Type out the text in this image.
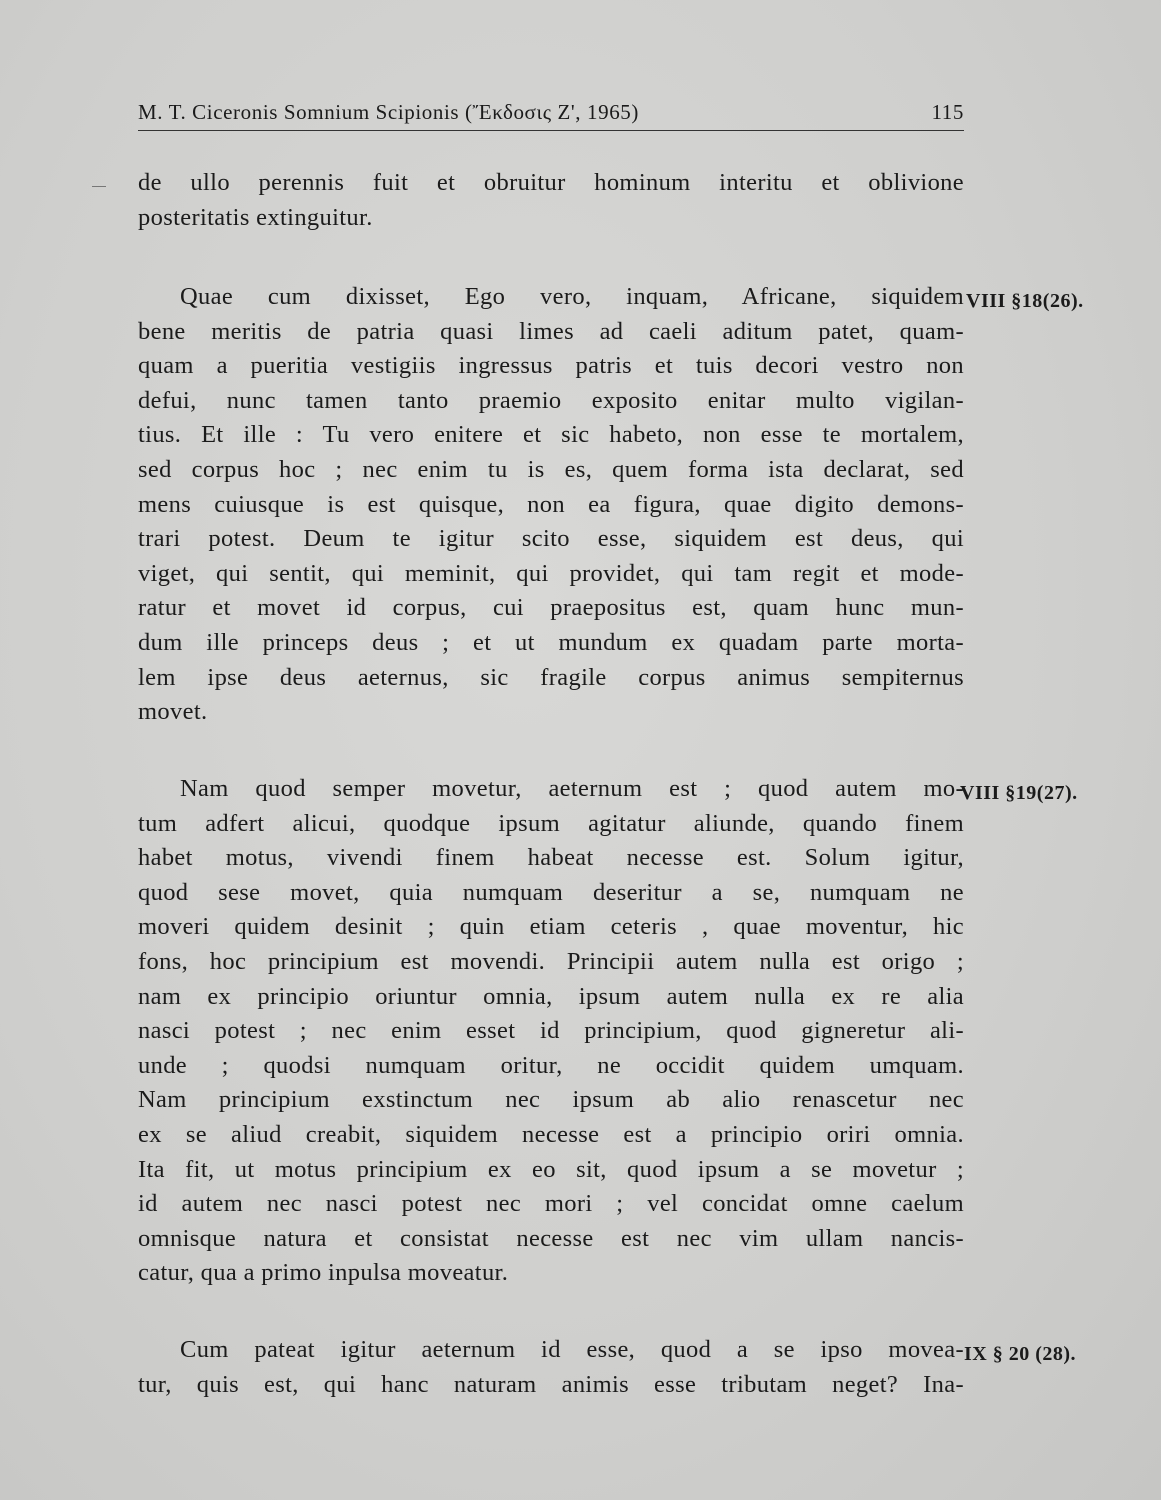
M. T. Ciceronis Somnium Scipionis (Ἔκδοσις Z', 1965)	115
de ullo perennis fuit et obruitur hominum interitu et oblivione
posteritatis extinguitur.
Quae cum dixisset, Ego vero, inquam, Africane, siquidem
bene meritis de patria quasi limes ad caeli aditum patet, quam-
quam a pueritia vestigiis ingressus patris et tuis decori vestro non
defui, nunc tamen tanto praemio exposito enitar multo vigilan-
tius. Et ille : Tu vero enitere et sic habeto, non esse te mortalem,
sed corpus hoc ; nec enim tu is es, quem forma ista declarat, sed
mens cuiusque is est quisque, non ea figura, quae digito demons-
trari potest. Deum te igitur scito esse, siquidem est deus, qui
viget, qui sentit, qui meminit, qui providet, qui tam regit et mode-
ratur et movet id corpus, cui praepositus est, quam hunc mun-
dum ille princeps deus ; et ut mundum ex quadam parte morta-
lem ipse deus aeternus, sic fragile corpus animus sempiternus
movet.
VIII §18(26).
Nam quod semper movetur, aeternum est ; quod autem mo-
tum adfert alicui, quodque ipsum agitatur aliunde, quando finem
habet motus, vivendi finem habeat necesse est. Solum igitur,
quod sese movet, quia numquam deseritur a se, numquam ne
moveri quidem desinit ; quin etiam ceteris , quae moventur, hic
fons, hoc principium est movendi. Principii autem nulla est origo ;
nam ex principio oriuntur omnia, ipsum autem nulla ex re alia
nasci potest ; nec enim esset id principium, quod gigneretur ali-
unde ; quodsi numquam oritur, ne occidit quidem umquam.
Nam principium exstinctum nec ipsum ab alio renascetur nec
ex se aliud creabit, siquidem necesse est a principio oriri omnia.
Ita fit, ut motus principium ex eo sit, quod ipsum a se movetur ;
id autem nec nasci potest nec mori ; vel concidat omne caelum
omnisque natura et consistat necesse est nec vim ullam nancis-
catur, qua a primo inpulsa moveatur.
VIII §19(27).
Cum pateat igitur aeternum id esse, quod a se ipso movea-
tur, quis est, qui hanc naturam animis esse tributam neget? Ina-
IX § 20 (28).
